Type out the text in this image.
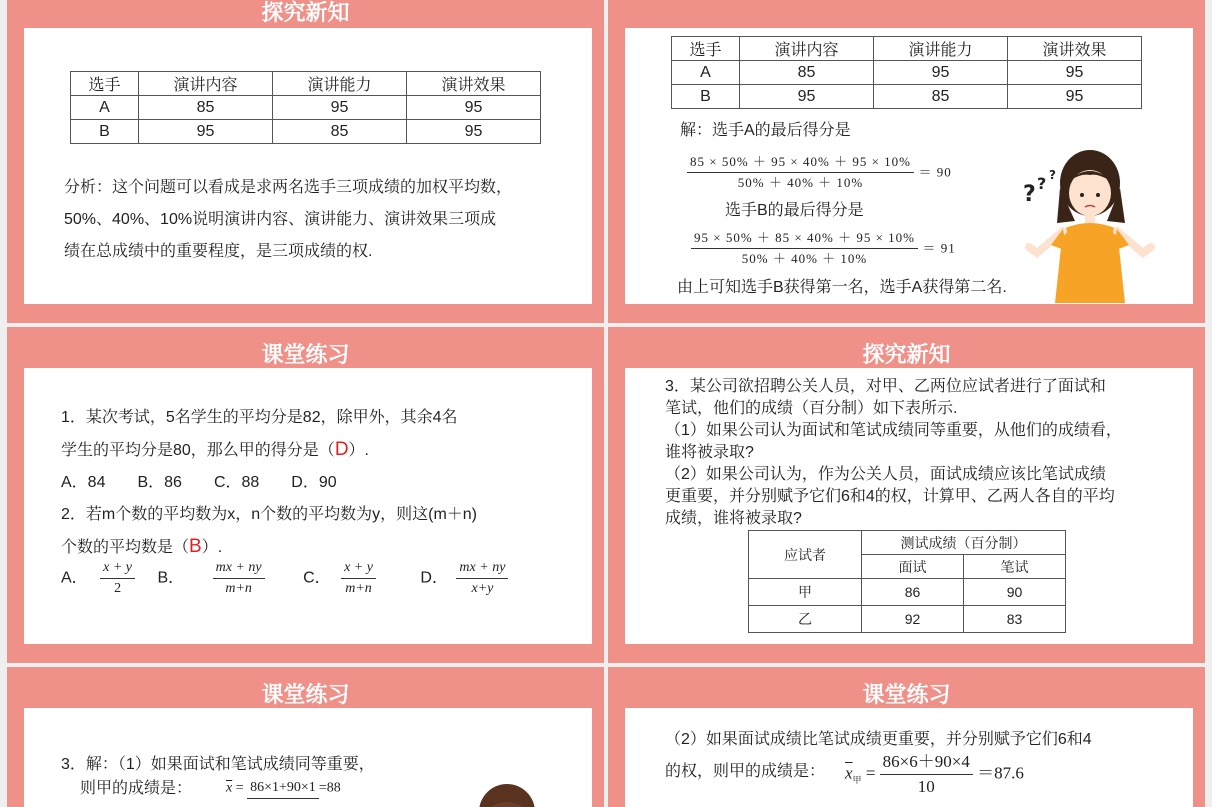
探究新知
选手	演讲内容	演讲能力	演讲效果
A	85	95	95
B	95	85	95
分析：这个问题可以看成是求两名选手三项成绩的加权平均数，
50%、40%、10%说明演讲内容、演讲能力、演讲效果三项成
绩在总成绩中的重要程度，是三项成绩的权.
选手	演讲内容	演讲能力	演讲效果
A	85	95	95
B	95	85	95
解：选手A的最后得分是
$\frac{85 \times 50\% + 95 \times 40\% + 95 \times 10\%}{50\% + 40\% + 10\%} = 90$
选手B的最后得分是
$\frac{95 \times 50\% + 85 \times 40\% + 95 \times 10\%}{50\% + 40\% + 10\%} = 91$
由上可知选手B获得第一名，选手A获得第二名.
? ? ?
课堂练习
1．某次考试，5名学生的平均分是82，除甲外，其余4名
学生的平均分是80，那么甲的得分是（D）.
A．84　　B．86　　C．88　　D．90
2．若m个数的平均数为x，n个数的平均数为y，则这(m＋n)
个数的平均数是（B）.
A． $\frac{x + y}{2}$ B． $\frac{mx + ny}{m+n}$ C． $\frac{x + y}{m+n}$	D． $\frac{mx + ny}{x+y}$
探究新知
3．某公司欲招聘公关人员，对甲、乙两位应试者进行了面试和
笔试，他们的成绩（百分制）如下表所示.
（1）如果公司认为面试和笔试成绩同等重要，从他们的成绩看，
谁将被录取?
（2）如果公司认为，作为公关人员，面试成绩应该比笔试成绩
更重要，并分别赋予它们6和4的权，计算甲、乙两人各自的平均
成绩，谁将被录取?
应试者	测试成绩（百分制）	
	面试	笔试
甲	86	90
乙	92	83
课堂练习
3．解：（1）如果面试和笔试成绩同等重要，
则甲的成绩是： $\overline{x} = 86\times 1+90\times 1 =88$
课堂练习
（2）如果面试成绩比笔试成绩更重要，并分别赋予它们6和4
的权，则甲的成绩是： $\overline{x}_甲 = \frac{86\times 6+90\times 4}{10} =87.6$
